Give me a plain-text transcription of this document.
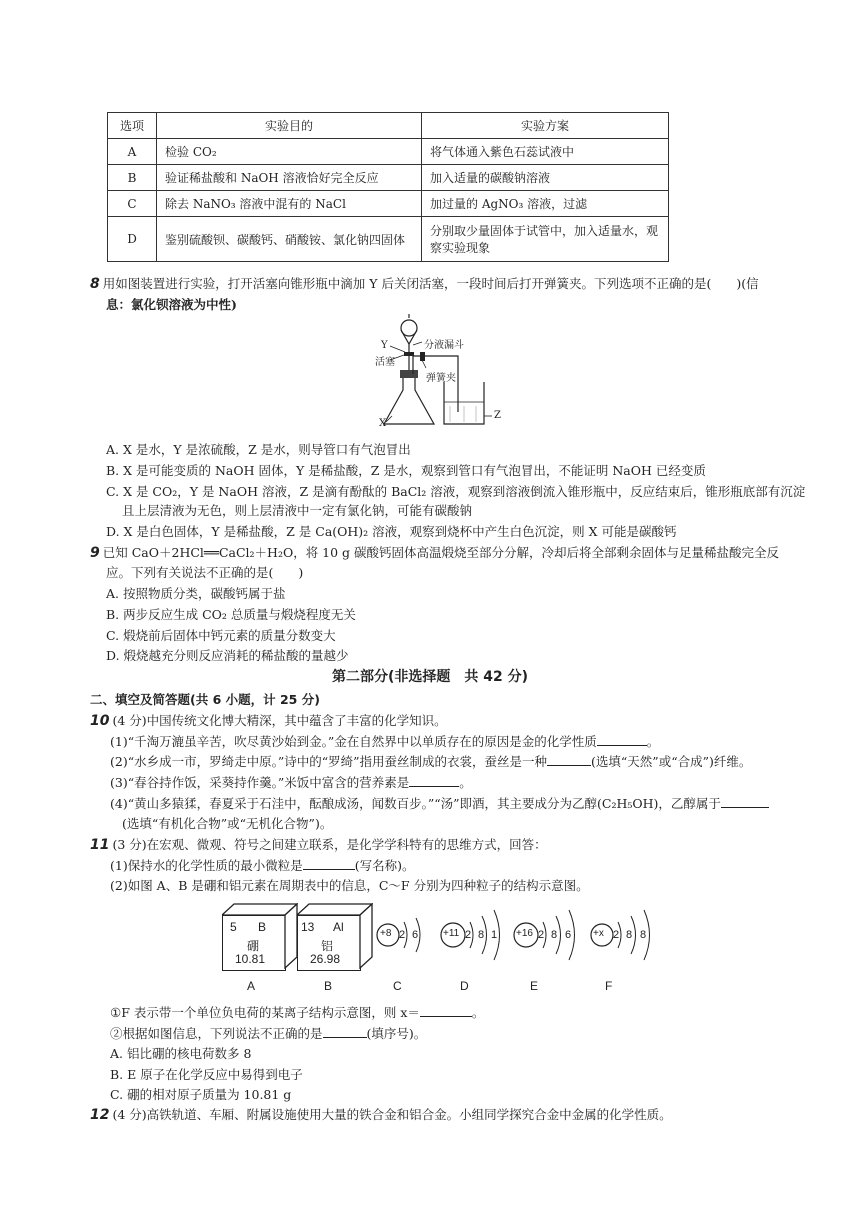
选项	实验目的	实验方案
A	检验 CO₂	将气体通入紫色石蕊试液中
B	验证稀盐酸和 NaOH 溶液恰好完全反应	加入适量的碳酸钠溶液
C	除去 NaNO₃ 溶液中混有的 NaCl	加过量的 AgNO₃ 溶液，过滤
D	鉴别硫酸钡、碳酸钙、硝酸铵、氯化钠四固体	分别取少量固体于试管中，加入适量水，观察实验现象
8 用如图装置进行实验，打开活塞向锥形瓶中滴加 Y 后关闭活塞，一段时间后打开弹簧夹。下列选项不正确的是(　　)(信
息：氯化钡溶液为中性)
Y
活塞
分液漏斗
弹簧夹
X
Z
A. X 是水，Y 是浓硫酸，Z 是水，则导管口有气泡冒出
B. X 是可能变质的 NaOH 固体，Y 是稀盐酸，Z 是水，观察到管口有气泡冒出，不能证明 NaOH 已经变质
C. X 是 CO₂，Y 是 NaOH 溶液，Z 是滴有酚酞的 BaCl₂ 溶液，观察到溶液倒流入锥形瓶中，反应结束后，锥形瓶底部有沉淀
且上层清液为无色，则上层清液中一定有氯化钠，可能有碳酸钠
D. X 是白色固体，Y 是稀盐酸，Z 是 Ca(OH)₂ 溶液，观察到烧杯中产生白色沉淀，则 X 可能是碳酸钙
9 已知 CaO＋2HCl══CaCl₂＋H₂O，将 10 g 碳酸钙固体高温煅烧至部分分解，冷却后将全部剩余固体与足量稀盐酸完全反
应。下列有关说法不正确的是(　　)
A. 按照物质分类，碳酸钙属于盐
B. 两步反应生成 CO₂ 总质量与煅烧程度无关
C. 煅烧前后固体中钙元素的质量分数变大
D. 煅烧越充分则反应消耗的稀盐酸的量越少
第二部分(非选择题　共 42 分)
二、填空及简答题(共 6 小题，计 25 分)
10 (4 分)中国传统文化博大精深，其中蕴含了丰富的化学知识。
(1)“千淘万漉虽辛苦，吹尽黄沙始到金。”金在自然界中以单质存在的原因是金的化学性质	。
(2)“水乡成一市，罗绮走中原。”诗中的“罗绮”指用蚕丝制成的衣裳，蚕丝是一种	(选填“天然”或“合成”)纤维。
(3)“春谷持作饭，采葵持作羹。”米饭中富含的营养素是	。
(4)“黄山多猿猱，春夏采于石洼中，酝酿成汤，闻数百步。”“汤”即酒，其主要成分为乙醇(C₂H₅OH)，乙醇属于
(选填“有机化合物”或“无机化合物”)。
11 (3 分)在宏观、微观、符号之间建立联系，是化学学科特有的思维方式，回答：
(1)保持水的化学性质的最小微粒是	(写名称)。
(2)如图 A、B 是硼和铝元素在周期表中的信息，C～F 分别为四种粒子的结构示意图。
5 B
硼
10.81
13 Al
铝
26.98
+8	+11	+16	+x
2 6	2 8 1	2 8 6	2 8 8
A	B	C	D	E	F
①F 表示带一个单位负电荷的某离子结构示意图，则 x＝	。
②根据如图信息，下列说法不正确的是	(填序号)。
A. 铝比硼的核电荷数多 8
B. E 原子在化学反应中易得到电子
C. 硼的相对原子质量为 10.81 g
12 (4 分)高铁轨道、车厢、附属设施使用大量的铁合金和铝合金。小组同学探究合金中金属的化学性质。
